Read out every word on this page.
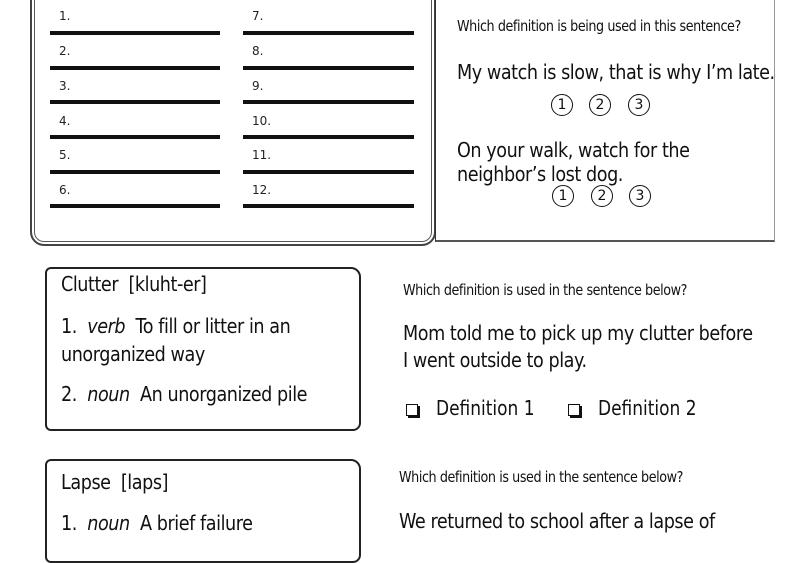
1.
2.
3.
4.
5.
6.
7.
8.
9.
10.
11.
12.
Which definition is being used in this sentence?
My watch is slow, that is why I’m late.
1	2	3
On your walk, watch for the
neighbor’s lost dog.
1	2	3
Clutter [kluht-er]
1. verb To fill or litter in an
unorganized way
2. noun An unorganized pile
Which definition is used in the sentence below?
Mom told me to pick up my clutter before
I went outside to play.
Definition 1	Definition 2
Lapse [laps]
1. noun A brief failure
Which definition is used in the sentence below?
We returned to school after a lapse of
